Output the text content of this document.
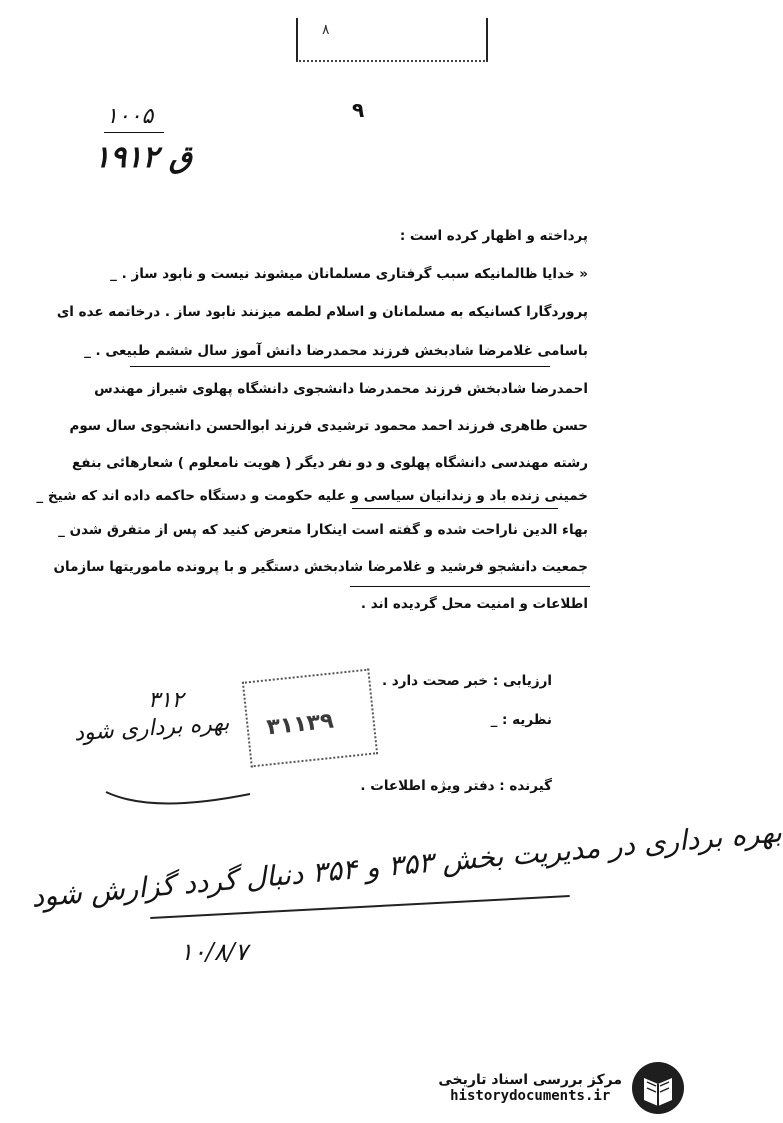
۸
۹
۱۰۰۵
۱۹۱۲ ق
پرداخته و اظهار کرده است :
« خدایا ظالمانیکه سبب گرفتاری مسلمانان میشوند نیست و نابود ساز . _
پروردگارا کسانیکه به مسلمانان و اسلام لطمه میزنند نابود ساز . درخاتمه عده ای
باسامی غلامرضا شادبخش فرزند محمدرضا دانش آموز سال ششم طبیعی . _
احمدرضا شادبخش فرزند محمدرضا دانشجوی دانشگاه پهلوی شیراز مهندس
حسن طاهری فرزند احمد محمود ترشیدی فرزند ابوالحسن دانشجوی سال سوم
رشته مهندسی دانشگاه پهلوی و دو نفر دیگر ( هویت نامعلوم ) شعارهائی بنفع
خمینی زنده باد و زندانیان سیاسی و علیه حکومت و دستگاه حاکمه داده اند که شیخ _
بهاء الدین ناراحت شده و گفته است اینکارا متعرض کنید که پس از متفرق شدن _
جمعیت دانشجو فرشید و غلامرضا شادبخش دستگیر و با پرونده ماموریتها سازمان
اطلاعات و امنیت محل گردیده اند .
ارزیابی : خبر صحت دارد .
نظریه : _
گیرنده : دفتر ویژه اطلاعات .
۳۱۱۳۹
۳۱۲
بهره برداری شود
بهره برداری در مدیریت بخش ۳۵۳ و ۳۵۴ دنبال گردد گزارش شود
۱۰/۸/۷
مرکز بررسی اسناد تاریخی
historydocuments.ir
